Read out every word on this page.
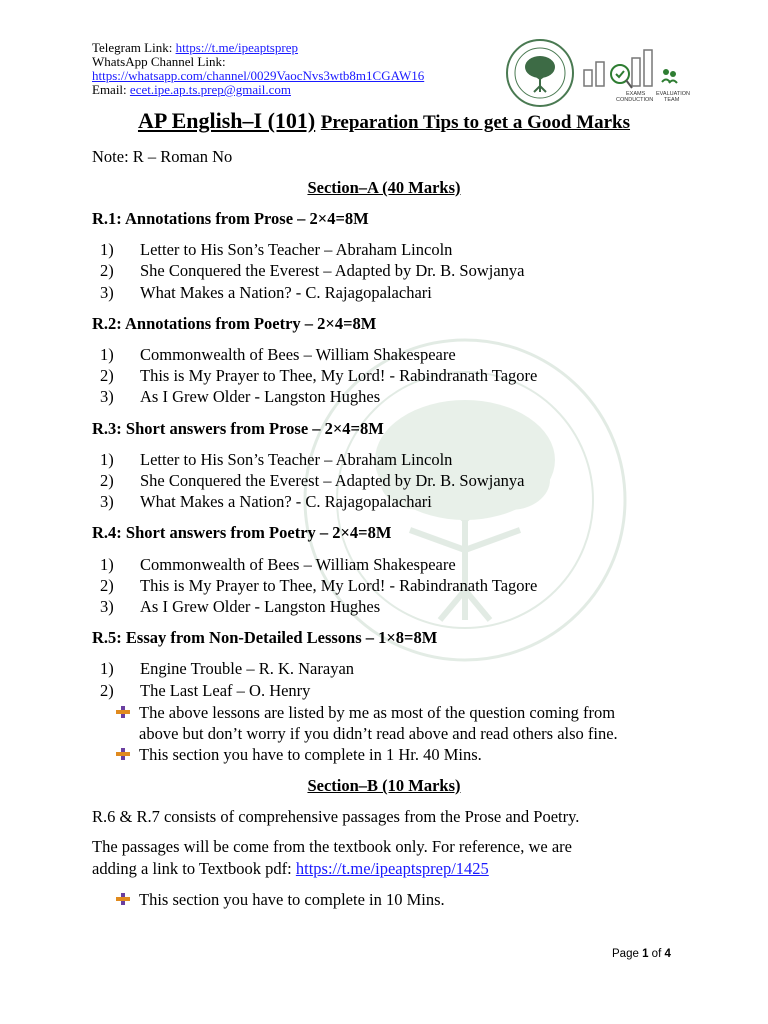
Telegram Link: https://t.me/ipeaptsprep
WhatsApp Channel Link:
https://whatsapp.com/channel/0029VaocNvs3wtb8m1CGAW16
Email: ecet.ipe.ap.ts.prep@gmail.com	EXAMS
CONDUCTION
EVALUATION
TEAM
AP English–I (101) Preparation Tips to get a Good Marks
Note: R – Roman No
Section–A (40 Marks)
R.1: Annotations from Prose – 2×4=8M
1) Letter to His Son’s Teacher – Abraham Lincoln
2) She Conquered the Everest – Adapted by Dr. B. Sowjanya
3) What Makes a Nation? - C. Rajagopalachari
R.2: Annotations from Poetry – 2×4=8M
1) Commonwealth of Bees – William Shakespeare
2) This is My Prayer to Thee, My Lord! - Rabindranath Tagore
3) As I Grew Older - Langston Hughes
R.3: Short answers from Prose – 2×4=8M
1) Letter to His Son’s Teacher – Abraham Lincoln
2) She Conquered the Everest – Adapted by Dr. B. Sowjanya
3) What Makes a Nation? - C. Rajagopalachari
R.4: Short answers from Poetry – 2×4=8M
1) Commonwealth of Bees – William Shakespeare
2) This is My Prayer to Thee, My Lord! - Rabindranath Tagore
3) As I Grew Older - Langston Hughes
R.5: Essay from Non-Detailed Lessons – 1×8=8M
1) Engine Trouble – R. K. Narayan
2) The Last Leaf – O. Henry
The above lessons are listed by me as most of the question coming from
above but don’t worry if you didn’t read above and read others also fine.
This section you have to complete in 1 Hr. 40 Mins.
Section–B (10 Marks)
R.6 & R.7 consists of comprehensive passages from the Prose and Poetry.
The passages will be come from the textbook only. For reference, we are
adding a link to Textbook pdf: https://t.me/ipeaptsprep/1425
This section you have to complete in 10 Mins.
Page 1 of 4
